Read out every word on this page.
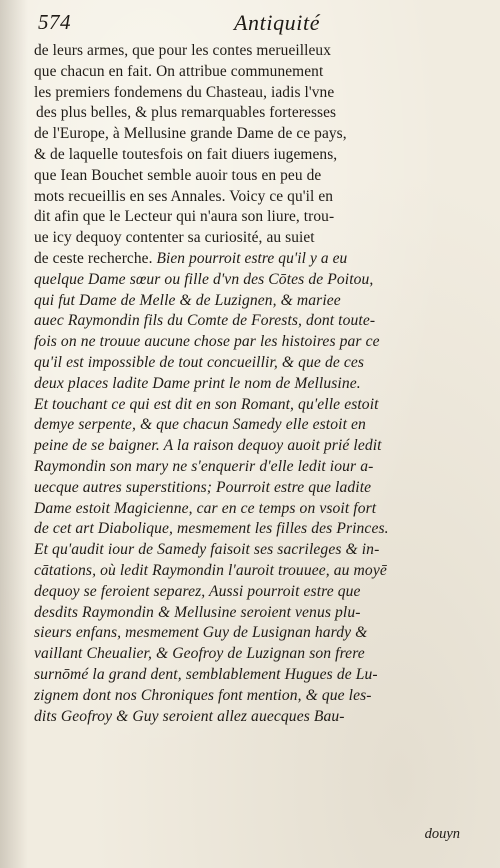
574	Antiquité
de leurs armes, que pour les contes merueilleux
que chacun en fait. On attribue communement
les premiers fondemens du Chasteau, iadis l'vne
des plus belles, & plus remarquables forteresses
de l'Europe, à Mellusine grande Dame de ce pays,
& de laquelle toutesfois on fait diuers iugemens,
que Iean Bouchet semble auoir tous en peu de
mots recueillis en ses Annales. Voicy ce qu'il en
dit afin que le Lecteur qui n'aura son liure, trou-
ue icy dequoy contenter sa curiosité, au suiet
de ceste recherche. Bien pourroit estre qu'il y a eu
quelque Dame sœur ou fille d'vn des Cōtes de Poitou,
qui fut Dame de Melle & de Luzignen, & mariee
auec Raymondin fils du Comte de Forests, dont toute-
fois on ne trouue aucune chose par les histoires par ce
qu'il est impossible de tout concueillir, & que de ces
deux places ladite Dame print le nom de Mellusine.
Et touchant ce qui est dit en son Romant, qu'elle estoit
demye serpente, & que chacun Samedy elle estoit en
peine de se baigner. A la raison dequoy auoit prié ledit
Raymondin son mary ne s'enquerir d'elle ledit iour a-
uecque autres superstitions; Pourroit estre que ladite
Dame estoit Magicienne, car en ce temps on vsoit fort
de cet art Diabolique, mesmement les filles des Princes.
Et qu'audit iour de Samedy faisoit ses sacrileges & in-
cātations, où ledit Raymondin l'auroit trouuee, au moyē
dequoy se feroient separez, Aussi pourroit estre que
desdits Raymondin & Mellusine seroient venus plu-
sieurs enfans, mesmement Guy de Lusignan hardy &
vaillant Cheualier, & Geofroy de Luzignan son frere
surnōmé la grand dent, semblablement Hugues de Lu-
zignem dont nos Chroniques font mention, & que les-
dits Geofroy & Guy seroient allez auecques Bau-
douyn
